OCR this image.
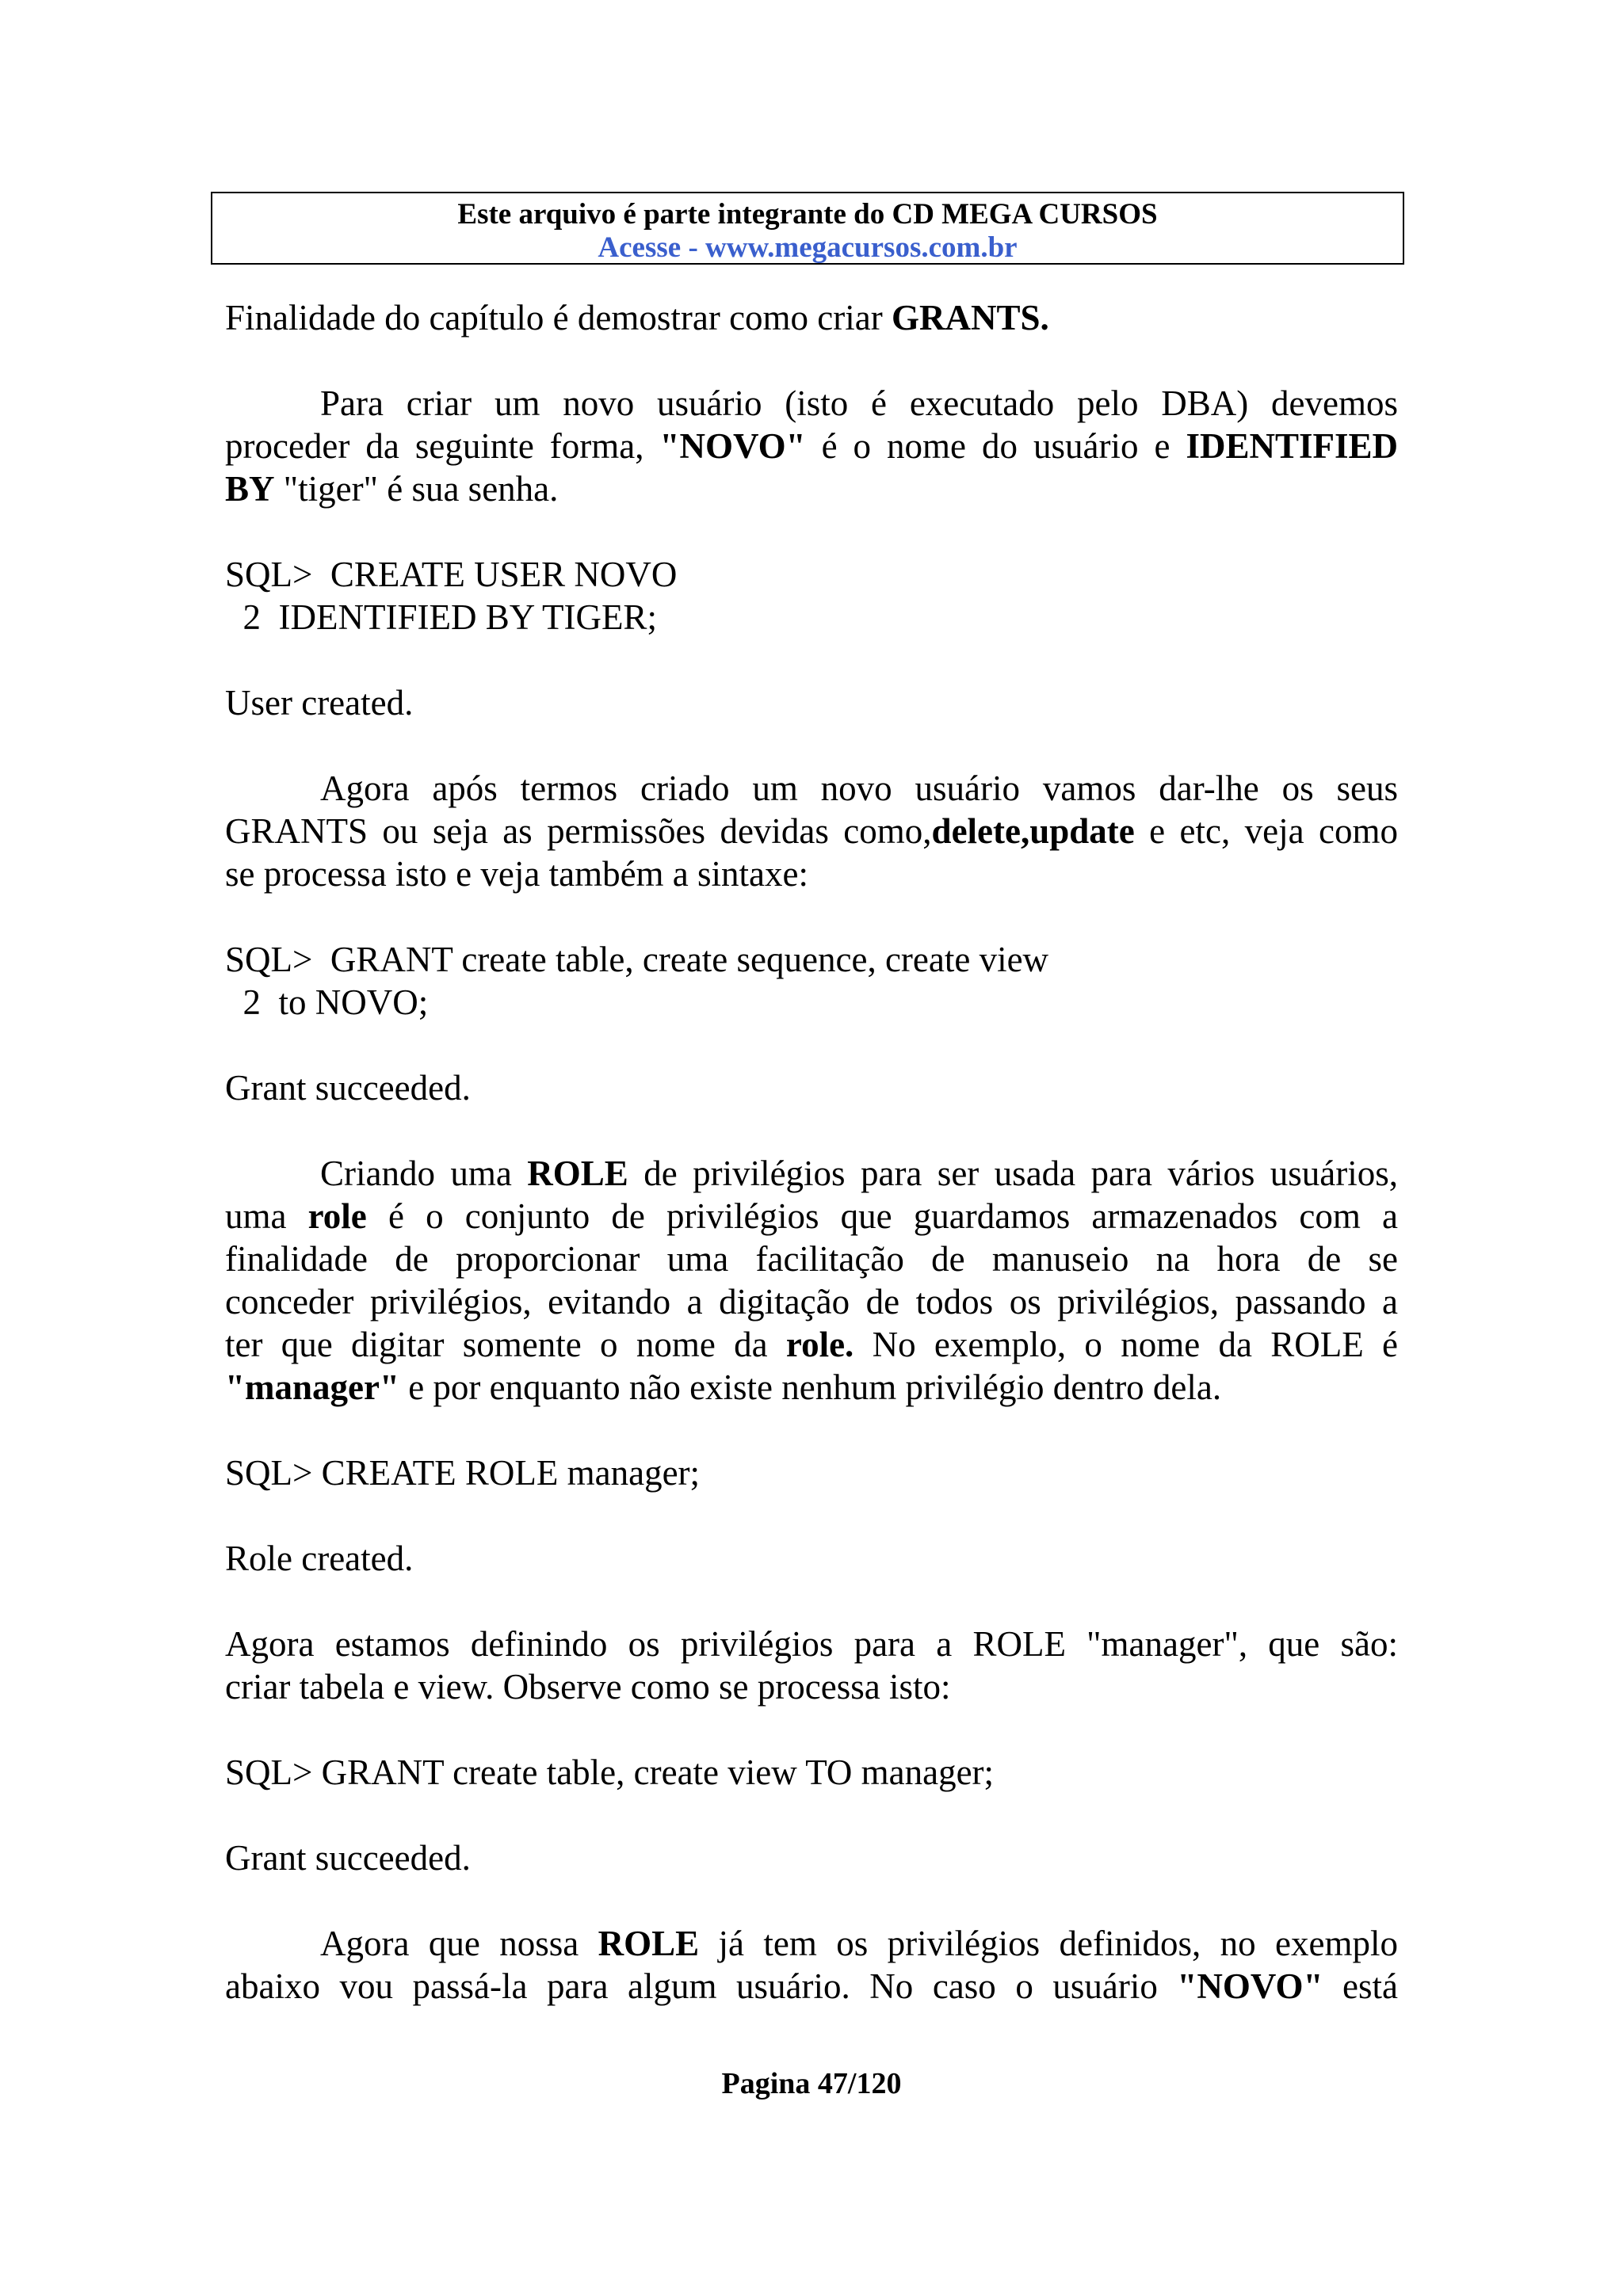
Este arquivo é parte integrante do CD MEGA CURSOS
Acesse - www.megacursos.com.br
Finalidade do capítulo é demostrar como criar GRANTS.
Para criar um novo usuário (isto é executado pelo DBA) devemos
proceder da seguinte forma, "NOVO" é o nome do usuário e IDENTIFIED
BY "tiger" é sua senha.
SQL>  CREATE USER NOVO
2  IDENTIFIED BY TIGER;
User created.
Agora após termos criado um novo usuário vamos dar-lhe os seus
GRANTS ou seja as permissões devidas como,delete,update e etc, veja como
se processa isto e veja também a sintaxe:
SQL>  GRANT create table, create sequence, create view
2  to NOVO;
Grant succeeded.
Criando uma ROLE de privilégios para ser usada para vários usuários,
uma role é o conjunto de privilégios que guardamos armazenados com a
finalidade de proporcionar uma facilitação de manuseio na hora de se
conceder privilégios, evitando a digitação de todos os privilégios, passando a
ter que digitar somente o nome da role. No exemplo, o nome da ROLE é
"manager" e por enquanto não existe nenhum privilégio dentro dela.
SQL> CREATE ROLE manager;
Role created.
Agora estamos definindo os privilégios para a ROLE "manager", que são:
criar tabela e view. Observe como se processa isto:
SQL> GRANT create table, create view TO manager;
Grant succeeded.
Agora que nossa ROLE já tem os privilégios definidos, no exemplo
abaixo vou passá-la para algum usuário. No caso o usuário "NOVO" está
Pagina 47/120
